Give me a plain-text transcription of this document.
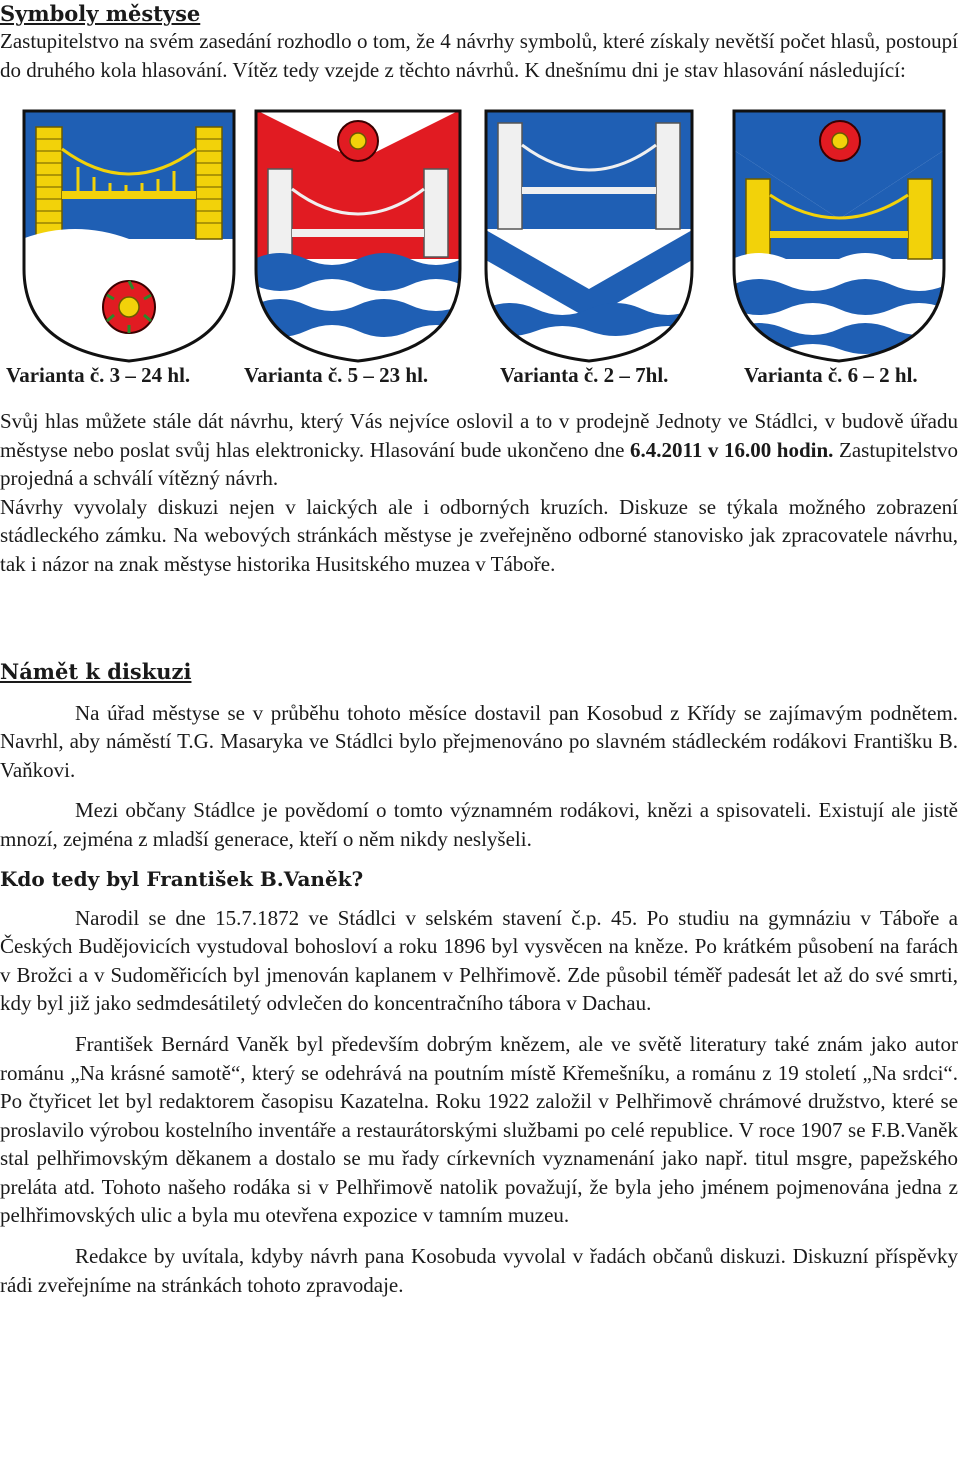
Symboly městyse

Zastupitelstvo na svém zasedání rozhodlo o tom, že 4 návrhy symbolů, které získaly nevětší počet hlasů, postoupí do druhého kola hlasování. Vítěz tedy vzejde z těchto návrhů. K dnešnímu dni je stav hlasování následující:

Varianta č. 3 – 24 hl.	Varianta č. 5 – 23 hl.	Varianta č. 2 – 7hl.	Varianta č. 6 – 2 hl.

Svůj hlas můžete stále dát návrhu, který Vás nejvíce oslovil a to v prodejně Jednoty ve Stádlci, v budově úřadu městyse nebo poslat svůj hlas elektronicky. Hlasování bude ukončeno dne 6.4.2011 v 16.00 hodin. Zastupitelstvo projedná a schválí vítězný návrh.

Návrhy vyvolaly diskuzi nejen v laických ale i odborných kruzích. Diskuze se týkala možného zobrazení stádleckého zámku. Na webových stránkách městyse je zveřejněno odborné stanovisko jak zpracovatele návrhu, tak i názor na znak městyse historika Husitského muzea v Táboře.

Námět k diskuzi

Na úřad městyse se v průběhu tohoto měsíce dostavil pan Kosobud z Křídy se zajímavým podnětem. Navrhl, aby náměstí T.G. Masaryka ve Stádlci bylo přejmenováno po slavném stádleckém rodákovi Františku B. Vaňkovi.

Mezi občany Stádlce je povědomí o tomto významném rodákovi, knězi a spisovateli. Existují ale jistě mnozí, zejména z mladší generace, kteří o něm nikdy neslyšeli.

Kdo tedy byl František B.Vaněk?

Narodil se dne 15.7.1872 ve Stádlci v selském stavení č.p. 45. Po studiu na gymnáziu v Táboře a Českých Budějovicích vystudoval bohosloví a roku 1896 byl vysvěcen na kněze. Po krátkém působení na farách v Brožci a v Sudoměřicích byl jmenován kaplanem v Pelhřimově. Zde působil téměř padesát let až do své smrti, kdy byl již jako sedmdesátiletý odvlečen do koncentračního tábora v Dachau.

František Bernárd Vaněk byl především dobrým knězem, ale ve světě literatury také znám jako autor románu „Na krásné samotě“, který se odehrává na poutním místě Křemešníku, a románu z 19 století „Na srdci“. Po čtyřicet let byl redaktorem časopisu Kazatelna. Roku 1922 založil v Pelhřimově chrámové družstvo, které se proslavilo výrobou kostelního inventáře a restaurátorskými službami po celé republice. V roce 1907 se F.B.Vaněk stal pelhřimovským děkanem a dostalo se mu řady církevních vyznamenání jako např. titul msgre, papežského preláta atd. Tohoto našeho rodáka si v Pelhřimově natolik považují, že byla jeho jménem pojmenována jedna z pelhřimovských ulic a byla mu otevřena expozice v tamním muzeu.

Redakce by uvítala, kdyby návrh pana Kosobuda vyvolal v řadách občanů diskuzi. Diskuzní příspěvky rádi zveřejníme na stránkách tohoto zpravodaje.
